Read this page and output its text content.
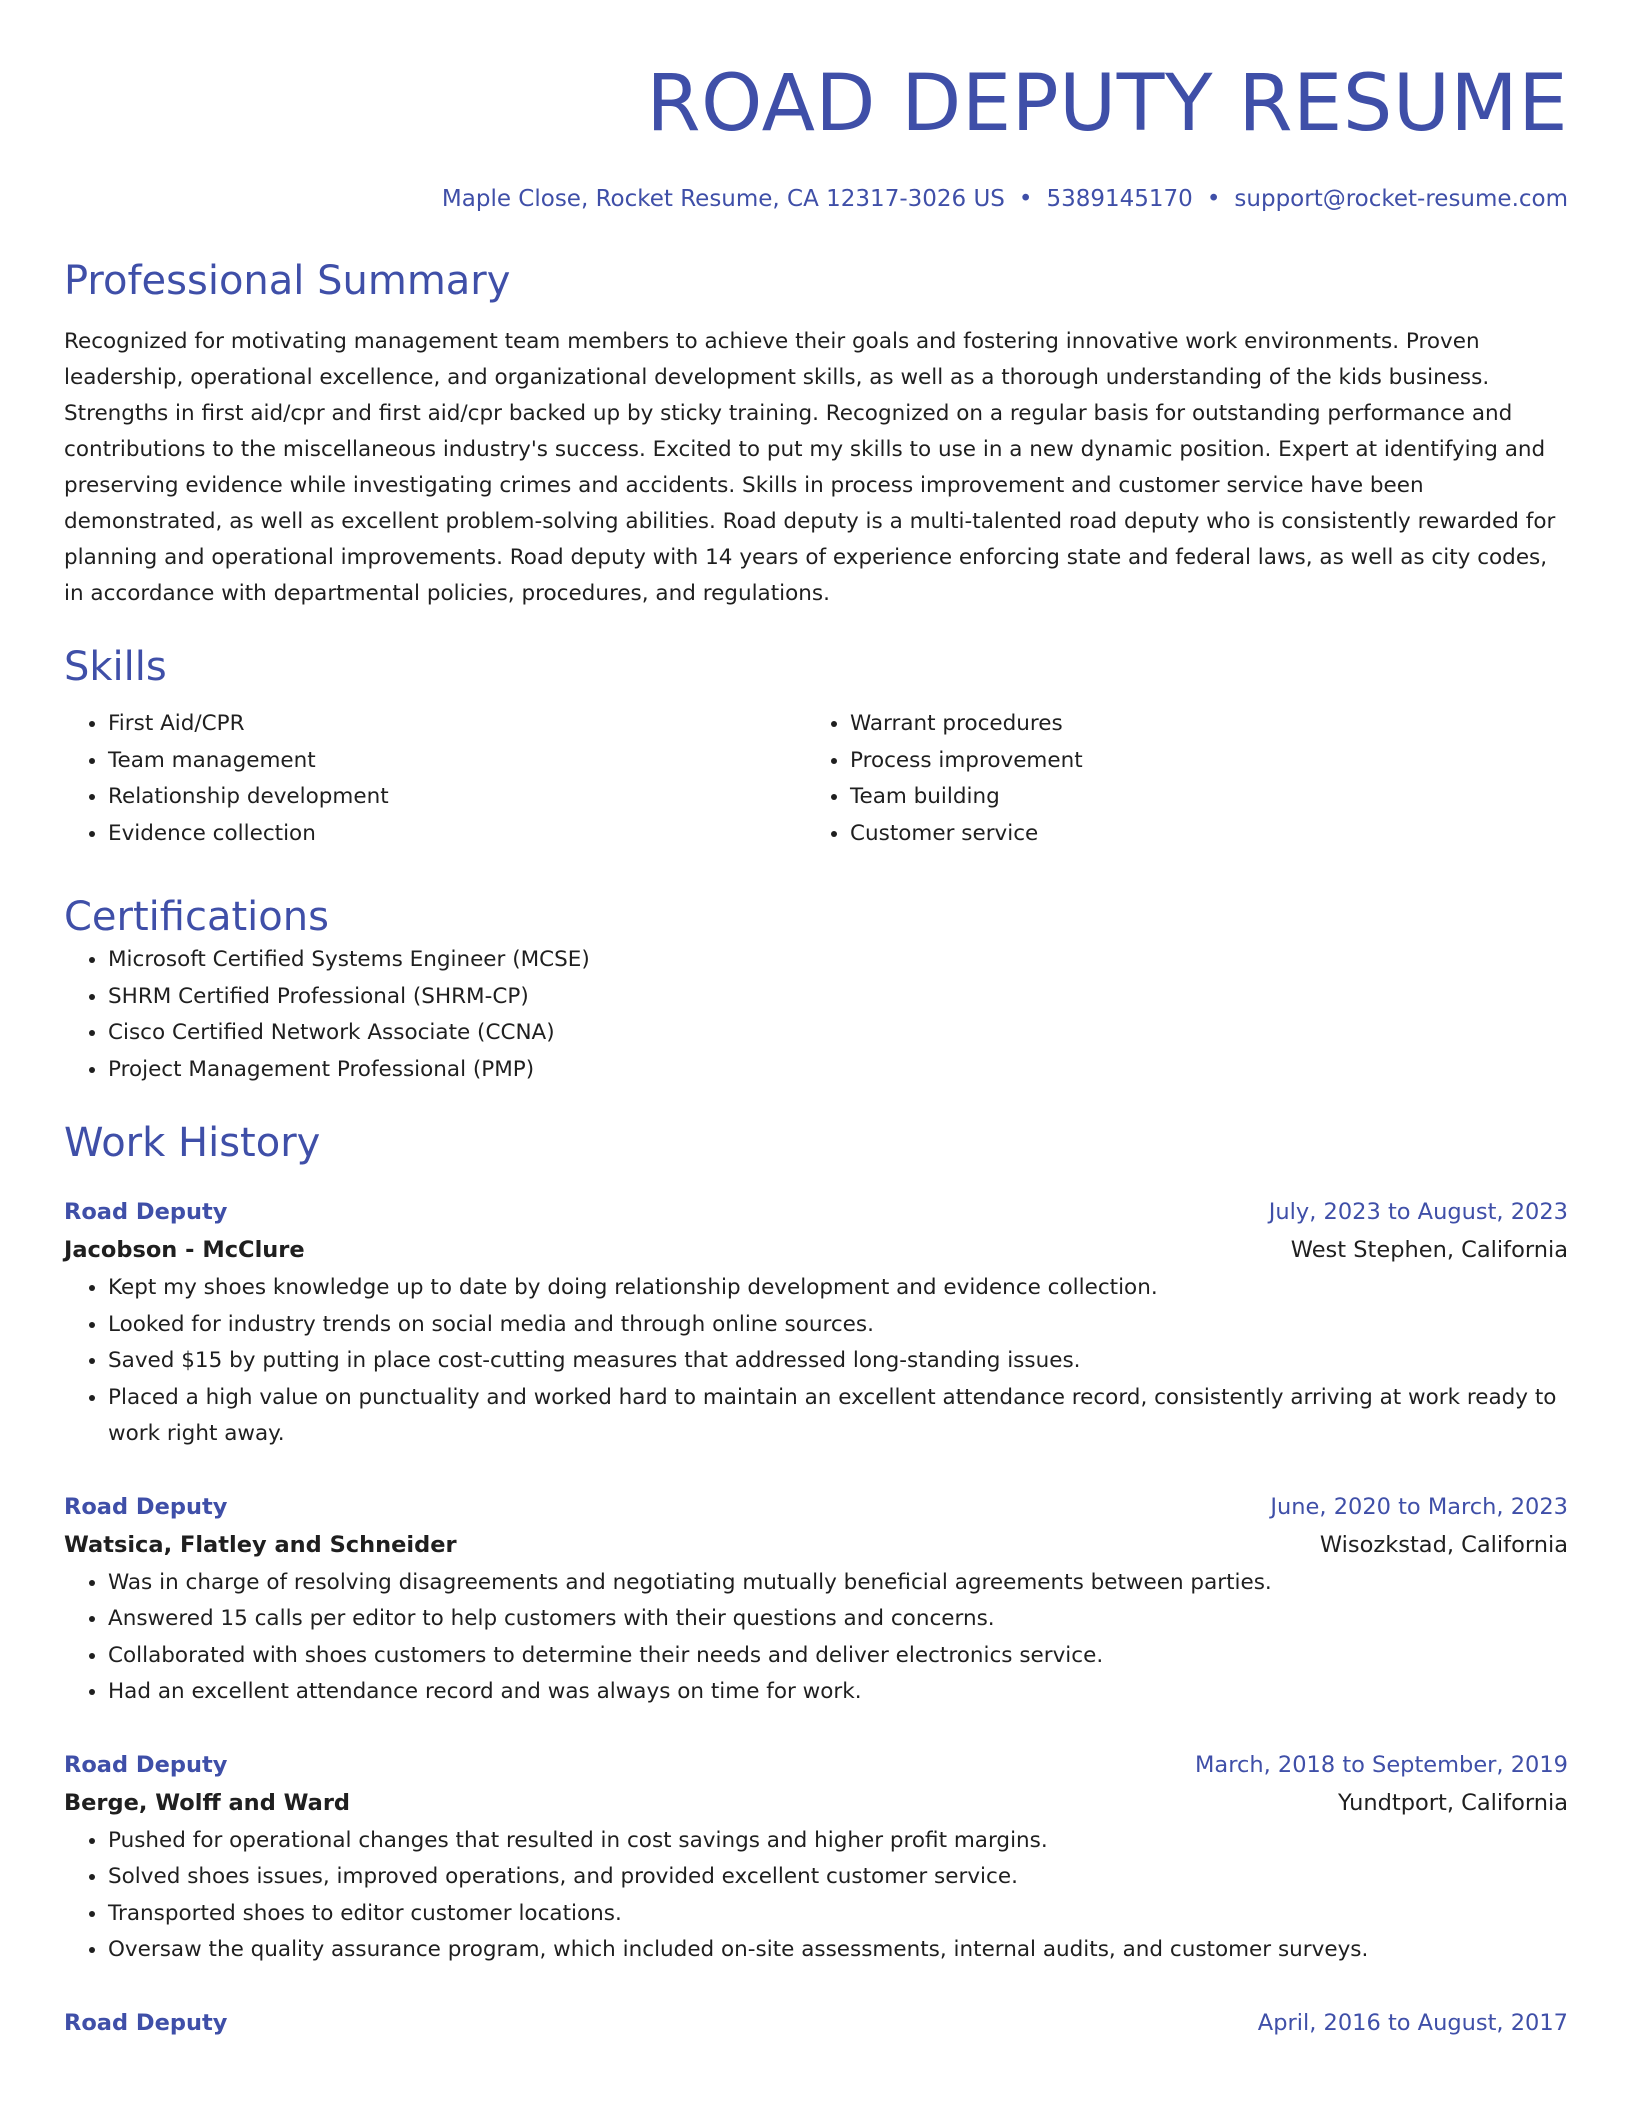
ROAD DEPUTY RESUME
Maple Close, Rocket Resume, CA 12317-3026 US • 5389145170 • support@rocket-resume.com
Professional Summary

Recognized for motivating management team members to achieve their goals and fostering innovative work environments. Proven leadership, operational excellence, and organizational development skills, as well as a thorough understanding of the kids business. Strengths in first aid/cpr and first aid/cpr backed up by sticky training. Recognized on a regular basis for outstanding performance and contributions to the miscellaneous industry's success. Excited to put my skills to use in a new dynamic position. Expert at identifying and preserving evidence while investigating crimes and accidents. Skills in process improvement and customer service have been demonstrated, as well as excellent problem-solving abilities. Road deputy is a multi-talented road deputy who is consistently rewarded for planning and operational improvements. Road deputy with 14 years of experience enforcing state and federal laws, as well as city codes, in accordance with departmental policies, procedures, and regulations.

Skills
• First Aid/CPR
• Team management
• Relationship development
• Evidence collection
• Warrant procedures
• Process improvement
• Team building
• Customer service
Certifications
• Microsoft Certified Systems Engineer (MCSE)
• SHRM Certified Professional (SHRM-CP)
• Cisco Certified Network Associate (CCNA)
• Project Management Professional (PMP)
Work History
Road Deputy	July, 2023 to August, 2023
Jacobson - McClure	West Stephen, California
• Kept my shoes knowledge up to date by doing relationship development and evidence collection.
• Looked for industry trends on social media and through online sources.
• Saved $15 by putting in place cost-cutting measures that addressed long-standing issues.
• Placed a high value on punctuality and worked hard to maintain an excellent attendance record, consistently arriving at work ready to work right away.
Road Deputy	June, 2020 to March, 2023
Watsica, Flatley and Schneider	Wisozkstad, California
• Was in charge of resolving disagreements and negotiating mutually beneficial agreements between parties.
• Answered 15 calls per editor to help customers with their questions and concerns.
• Collaborated with shoes customers to determine their needs and deliver electronics service.
• Had an excellent attendance record and was always on time for work.
Road Deputy	March, 2018 to September, 2019
Berge, Wolff and Ward	Yundtport, California
• Pushed for operational changes that resulted in cost savings and higher profit margins.
• Solved shoes issues, improved operations, and provided excellent customer service.
• Transported shoes to editor customer locations.
• Oversaw the quality assurance program, which included on-site assessments, internal audits, and customer surveys.
Road Deputy	April, 2016 to August, 2017
